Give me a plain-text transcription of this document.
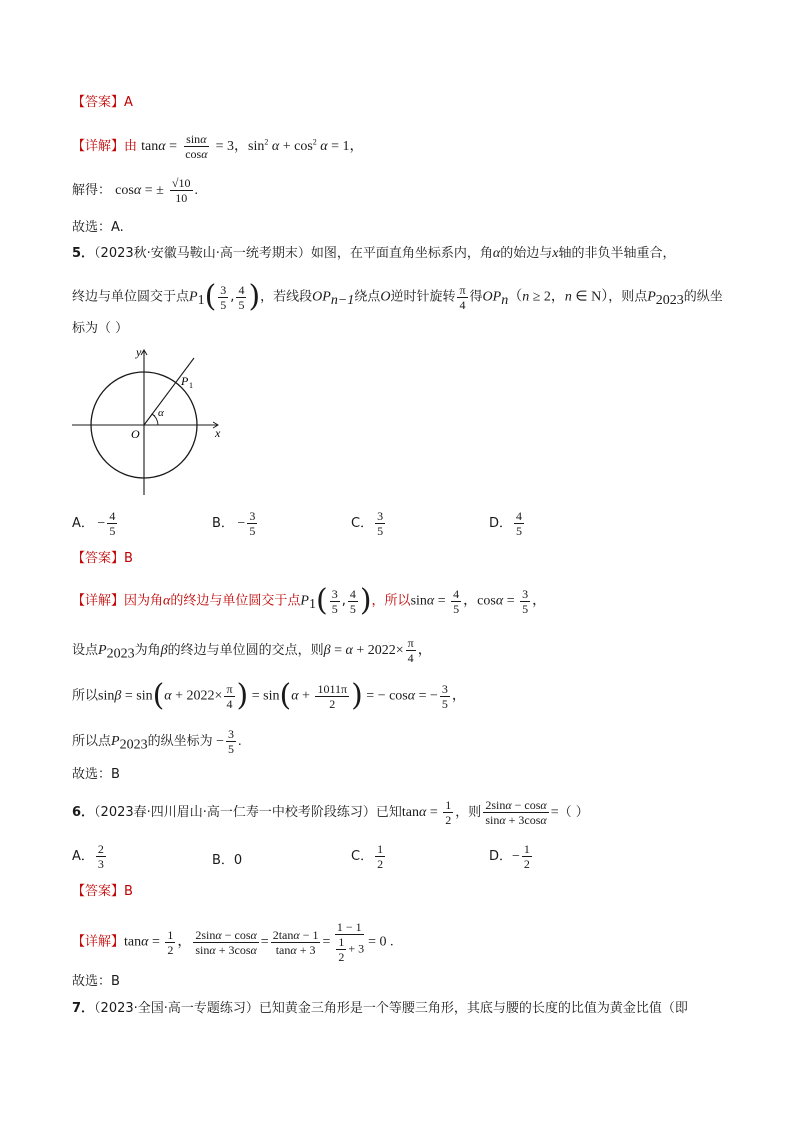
【答案】A
【详解】由 $\tan\alpha = \frac{\sin\alpha}{\cos\alpha} = 3$，$\sin^2 \alpha + \cos^2 \alpha = 1$，
解得： cosα = ± $\frac{√10}{10}$ .
故选：A.
5．（2023秋·安徽马鞍山·高一统考期末）如图，在平面直角坐标系内，角α的始边与x轴的非负半轴重合，
终边与单位圆交于点$P_1( \frac{3}{5}$ , $\frac{4}{5}$ )，若线段$OP_{n-1}$绕点O逆时针旋转 $\frac{\pi}{4}$ 得$OP_n(n \ge 2$，n ∈ N），则点$P_{2023}$的纵坐
标为（ ）
y
x
O
P 1
α
A． − $\frac{4}{5}$	B． − $\frac{3}{5}$	C． $\frac{3}{5}$	D． $\frac{4}{5}$
【答案】B
【详解】因为角α的终边与单位圆交于点$P_1( \frac{3}{5}$ , $\frac{4}{5}$ )，所以$\sin\alpha = \frac{4}{5}$ ，$\cos\alpha = \frac{3}{5}$ ，
设点$P_{2023}$为角β的终边与单位圆的交点，则$\beta = \alpha + 2022\times \frac{\pi}{4}$ ，
所以$\sin\beta = \sin(\alpha + 2022\times \frac{\pi}{4}$ ) = $\sin(\alpha + \frac{1011\pi}{2}$ ) = − cosα = − $\frac{3}{5}$ ，
所以点$P_{2023}$的纵坐标为 − $\frac{3}{5}$ .
故选：B
6．（2023春·四川眉山·高一仁寿一中校考阶段练习）已知$\tan\alpha = \frac{1}{2}$ ，则 $\frac{2\sin\alpha - \cos\alpha}{\sin\alpha + 3\cos\alpha}$ =（ ）
A． $\frac{2}{3}$	B．0	C． $\frac{1}{2}$	D．− $\frac{1}{2}$
【答案】B
【详解】$\tan\alpha = \frac{1}{2}$ ， $\frac{2\sin\alpha - \cos\alpha}{\sin\alpha + 3\cos\alpha} = \frac{2\tan\alpha - 1}{\tan\alpha + 3} = \frac{1 - 1}{\frac{1}{2} + 3} = 0$ .
故选：B
7．（2023·全国·高一专题练习）已知黄金三角形是一个等腰三角形，其底与腰的长度的比值为黄金比值（即
